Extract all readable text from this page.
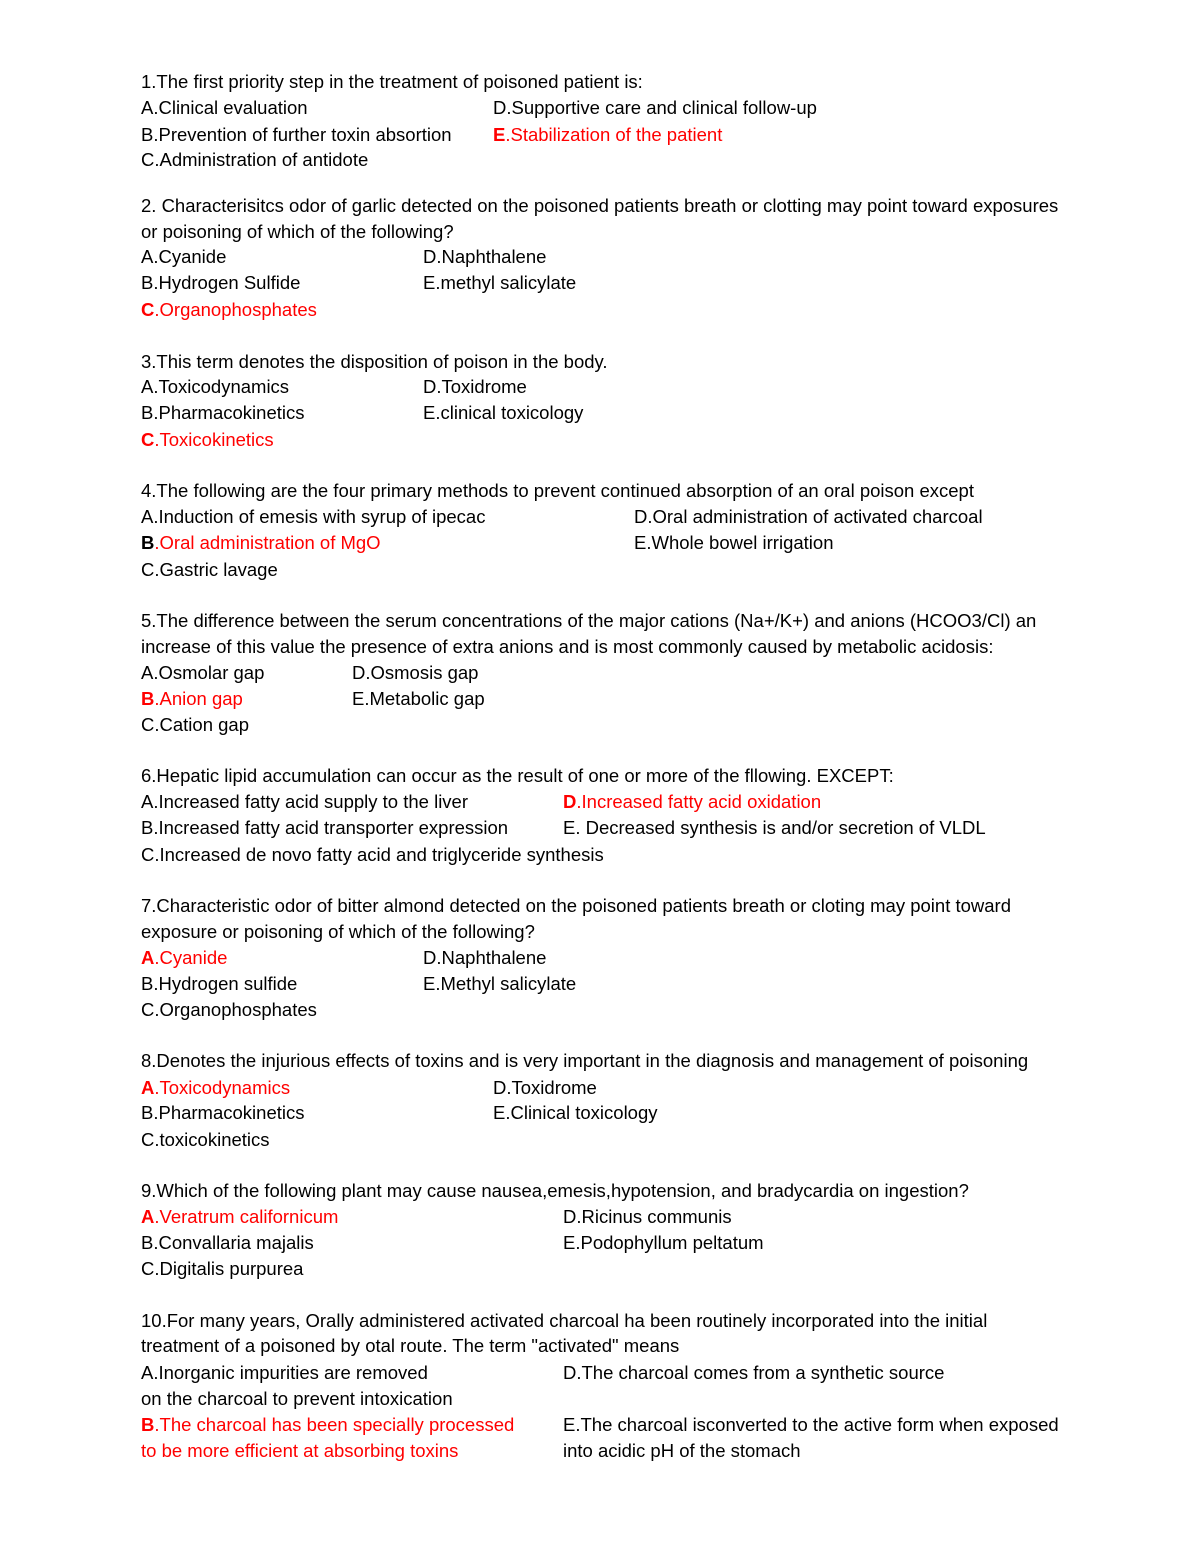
1.The first priority step in the treatment of poisoned patient is:
A.Clinical evaluation	D.Supportive care and clinical follow-up
B.Prevention of further toxin absortion E.Stabilization of the patient
C.Administration of antidote
2. Characterisitcs odor of garlic detected on the poisoned patients breath or clotting may point toward exposures
or poisoning of which of the following?
A.Cyanide	D.Naphthalene
B.Hydrogen Sulfide	E.methyl salicylate
C.Organophosphates
3.This term denotes the disposition of poison in the body.
A.Toxicodynamics	D.Toxidrome
B.Pharmacokinetics	E.clinical toxicology
C.Toxicokinetics
4.The following are the four primary methods to prevent continued absorption of an oral poison except
A.Induction of emesis with syrup of ipecac	D.Oral administration of activated charcoal
B.Oral administration of MgO	E.Whole bowel irrigation
C.Gastric lavage
5.The difference between the serum concentrations of the major cations (Na+/K+) and anions (HCOO3/Cl) an
increase of this value the presence of extra anions and is most commonly caused by metabolic acidosis:
A.Osmolar gap	D.Osmosis gap
B.Anion gap	E.Metabolic gap
C.Cation gap
6.Hepatic lipid accumulation can occur as the result of one or more of the fllowing. EXCEPT:
A.Increased fatty acid supply to the liver	D.Increased fatty acid oxidation
B.Increased fatty acid transporter expression	E. Decreased synthesis is and/or secretion of VLDL
C.Increased de novo fatty acid and triglyceride synthesis
7.Characteristic odor of bitter almond detected on the poisoned patients breath or cloting may point toward
exposure or poisoning of which of the following?
A.Cyanide	D.Naphthalene
B.Hydrogen sulfide	E.Methyl salicylate
C.Organophosphates
8.Denotes the injurious effects of toxins and is very important in the diagnosis and management of poisoning
A.Toxicodynamics	D.Toxidrome
B.Pharmacokinetics	E.Clinical toxicology
C.toxicokinetics
9.Which of the following plant may cause nausea,emesis,hypotension, and bradycardia on ingestion?
A.Veratrum californicum	D.Ricinus communis
B.Convallaria majalis	E.Podophyllum peltatum
C.Digitalis purpurea
10.For many years, Orally administered activated charcoal ha been routinely incorporated into the initial
treatment of a poisoned by otal route. The term "activated" means
A.Inorganic impurities are removed	D.The charcoal comes from a synthetic source
on the charcoal to prevent intoxication
B.The charcoal has been specially processed	E.The charcoal isconverted to the active form when exposed
to be more efficient at absorbing toxins	into acidic pH of the stomach
